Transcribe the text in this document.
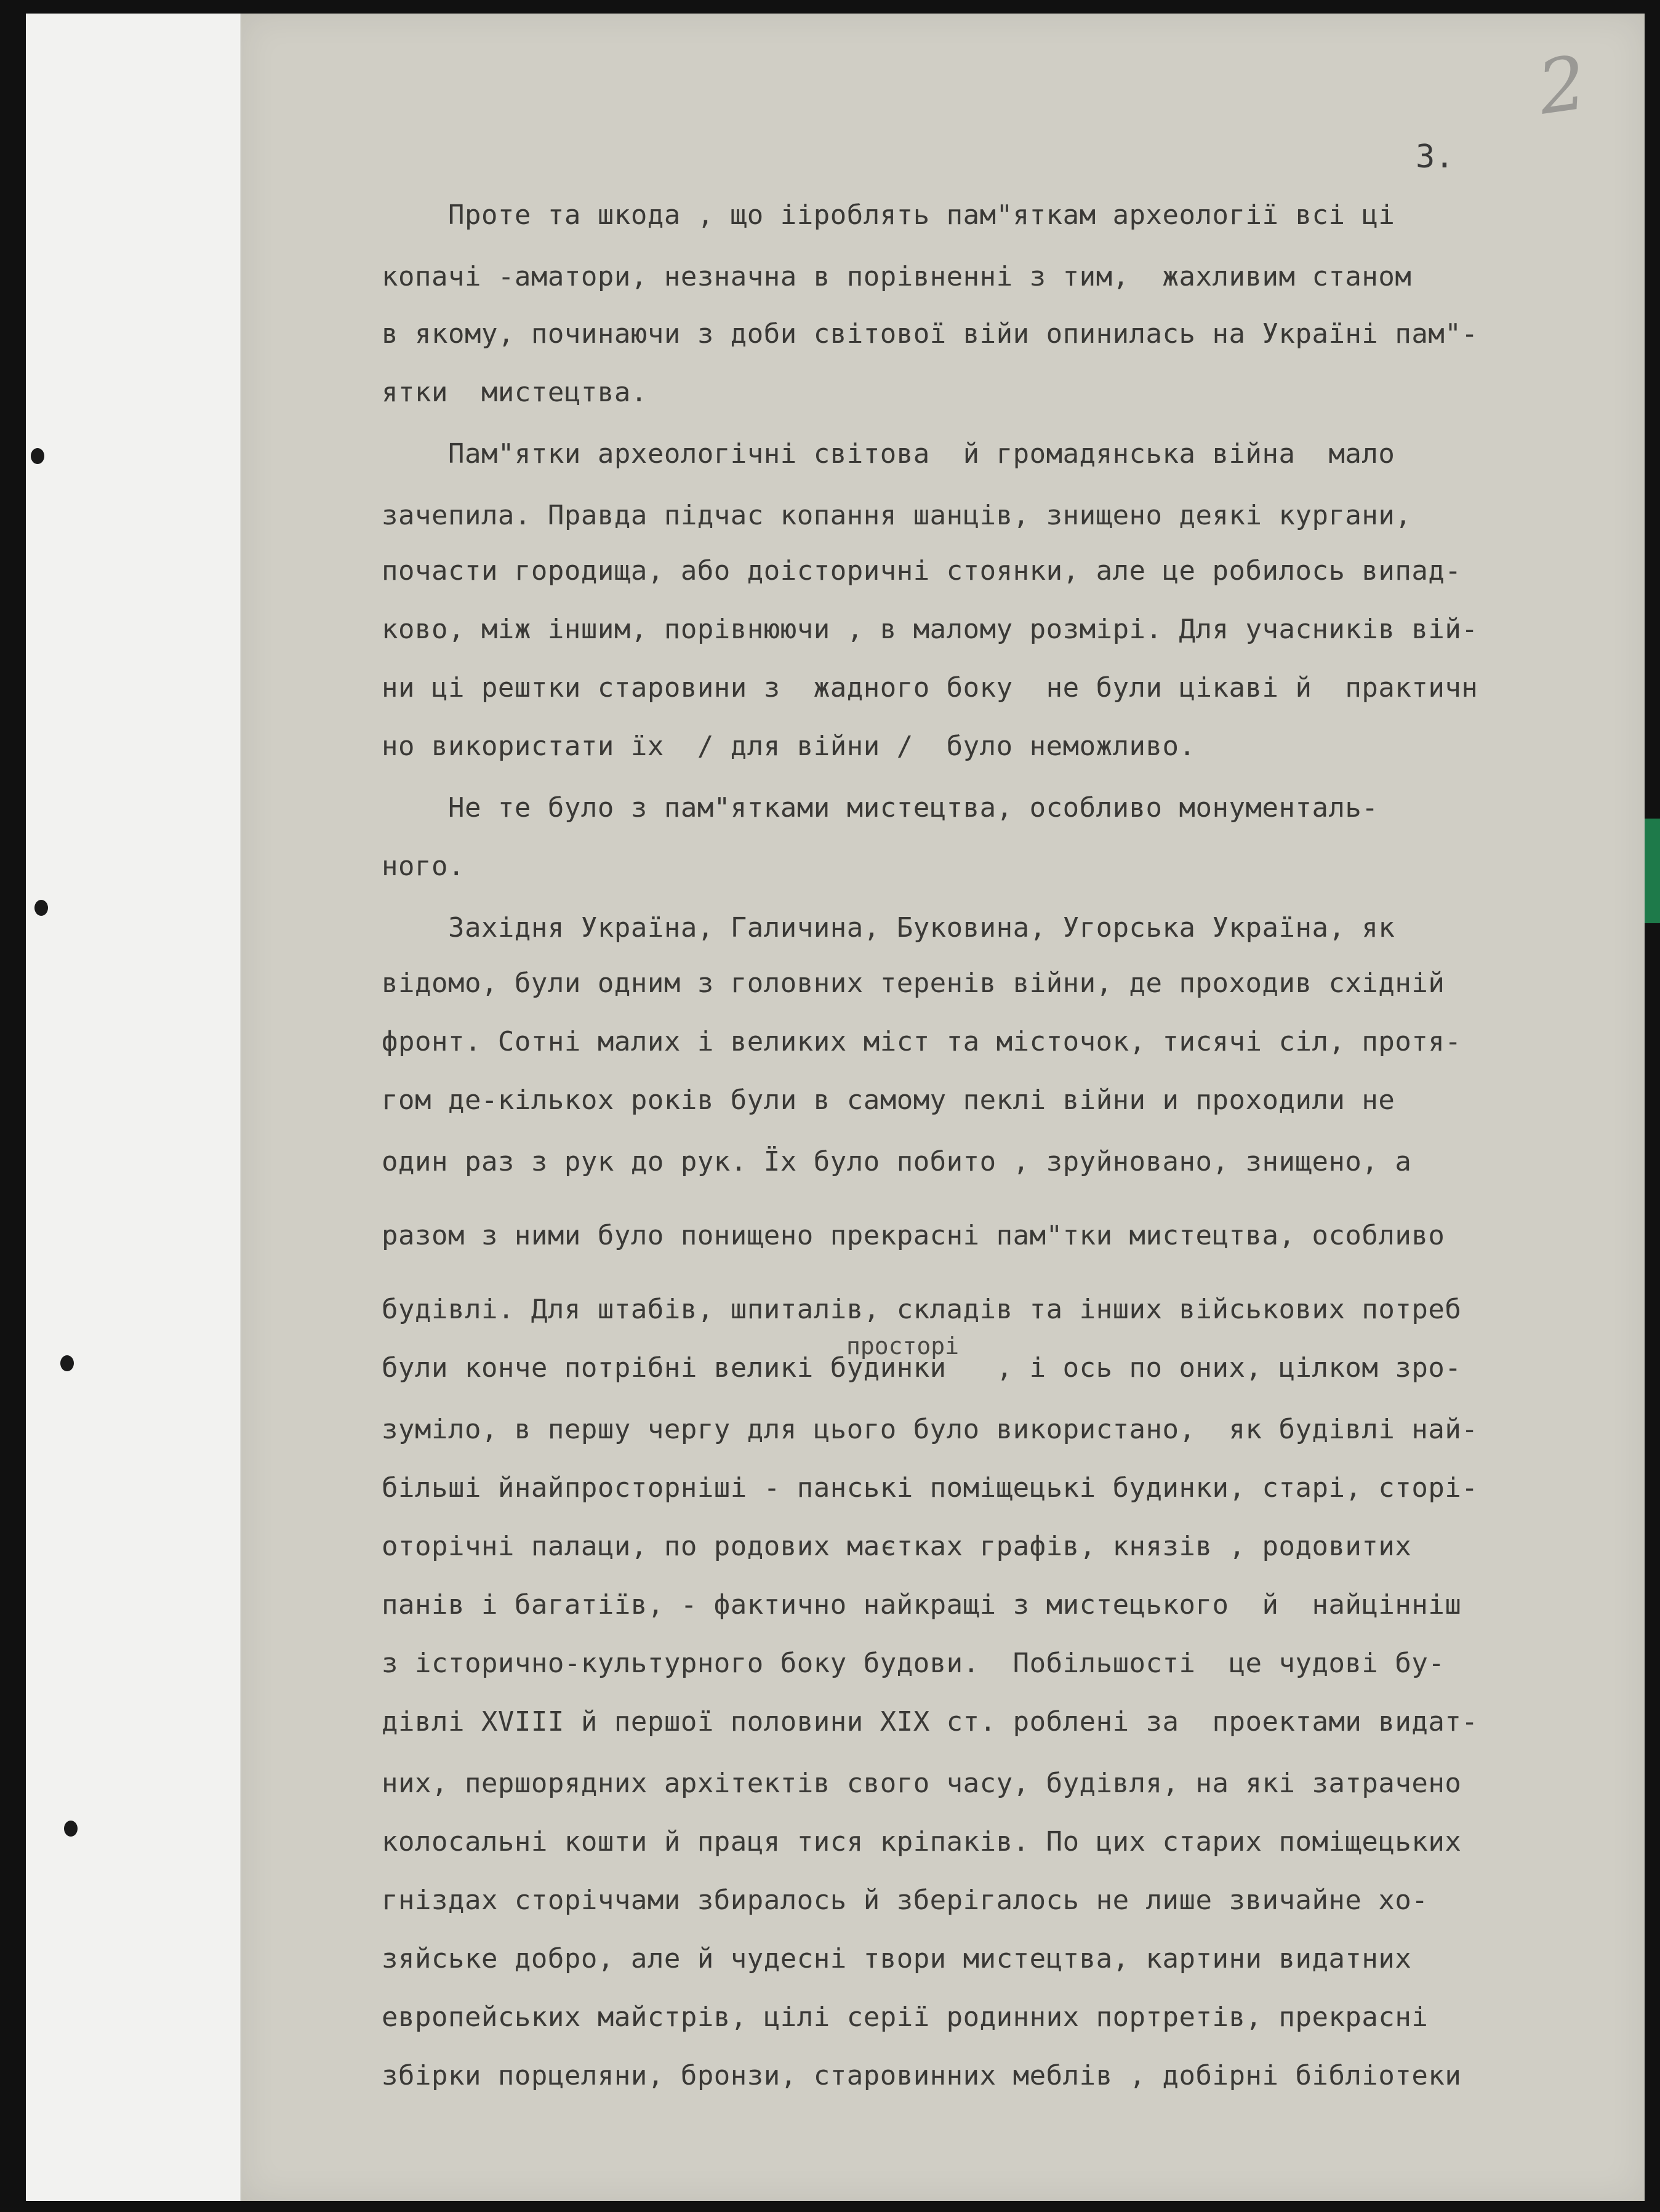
2
3.
Проте та шкода , що ііроблять пам"яткам археології всі ці
копачі -аматори, незначна в порівненні з тим,  жахливим станом
в якому, починаючи з доби світової війи опинилась на Україні пам"-
ятки  мистецтва.
Пам"ятки археологічні світова  й громадянська війна  мало
зачепила. Правда підчас копання шанців, знищено деякі кургани,
почасти городища, або доісторичні стоянки, але це робилось випад-
ково, між іншим, порівнюючи , в малому розмірі. Для учасників вій-
ни ці рештки старовини з  жадного боку  не були цікаві й  практичн
но використати їх  / для війни /  було неможливо.
Не те було з пам"ятками мистецтва, особливо монументаль-
ного.
Західня Україна, Галичина, Буковина, Угорська Україна, як
відомо, були одним з головних теренів війни, де проходив східній
фронт. Сотні малих і великих міст та місточок, тисячі сіл, протя-
гом де-кількох років були в самому пеклі війни и проходили не
один раз з рук до рук. Їх було побито , зруйновано, знищено, а
разом з ними було понищено прекрасні пам"тки мистецтва, особливо
будівлі. Для штабів, шпиталів, складів та інших військових потреб
були конче потрібні великі будинки   , і ось по оних, цілком зро-
зуміло, в першу чергу для цього було використано,  як будівлі най-
більші йнайпросторніші - панські поміщецькі будинки, старі, сторі-
оторічні палаци, по родових маєтках графів, князів , родовитих
панів і багатіїв, - фактично найкращі з мистецького  й  найцінніш
з історично-культурного боку будови.  Побільшості  це чудові бу-
дівлі XVIII й першої половини XIX ст. роблені за  проектами видат-
них, першорядних архітектів свого часу, будівля, на які затрачено
колосальні кошти й праця тися кріпаків. По цих старих поміщецьких
гніздах сторіччами збиралось й зберігалось не лише звичайне хо-
зяйське добро, але й чудесні твори мистецтва, картини видатних
европейських майстрів, цілі серії родинних портретів, прекрасні
збірки порцеляни, бронзи, старовинних меблів , добірні бібліотеки
просторі
